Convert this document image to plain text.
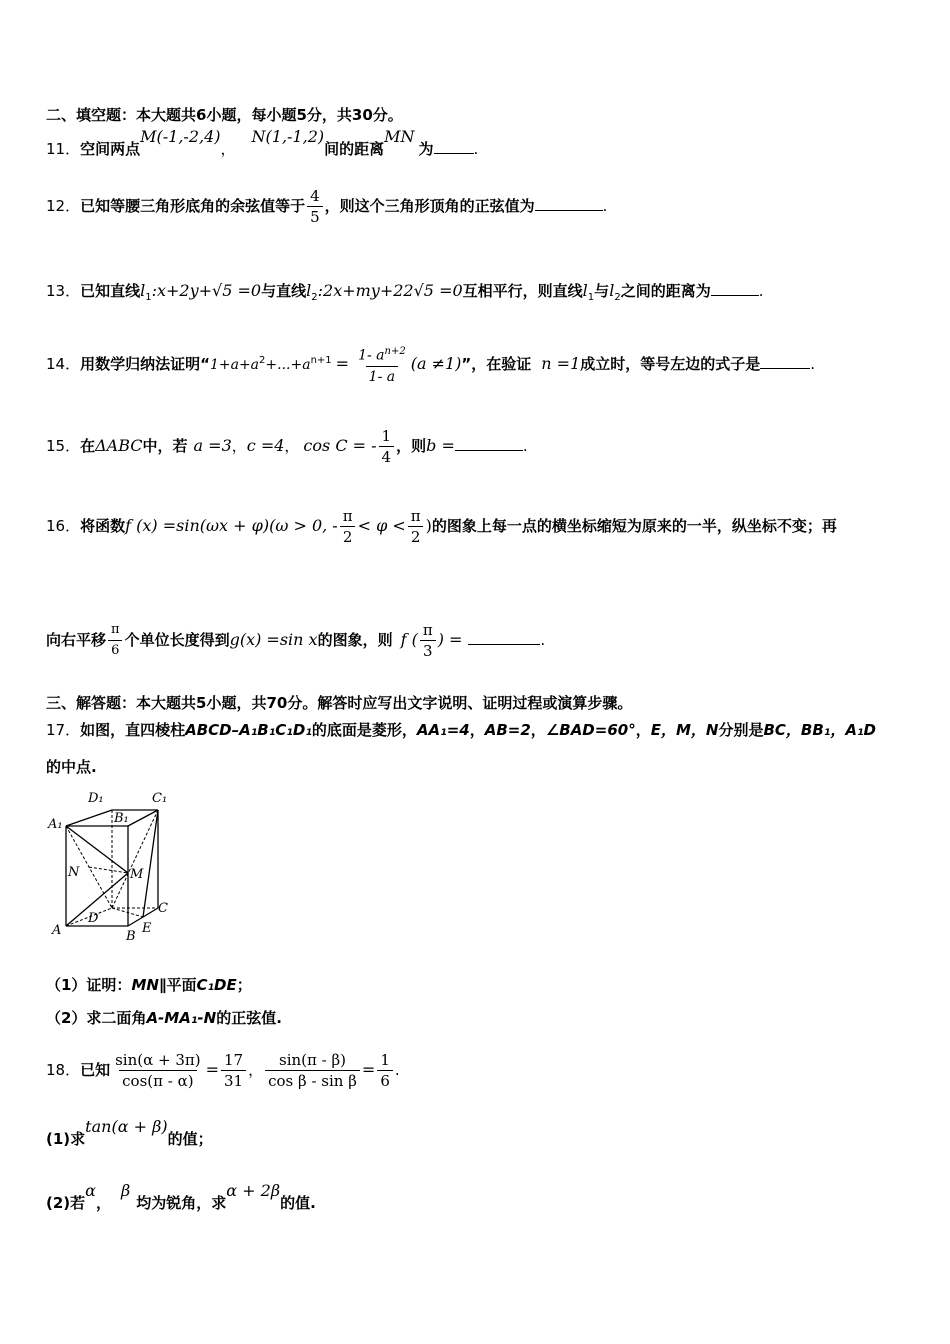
二、填空题：本大题共6小题，每小题5分，共30分。
11．空间两点M(-1,-2,4)，N(1,-1,2)间的距离MN为	.
12．已知等腰三角形底角的余弦值等于 $\frac{4}{5}$ ，则这个三角形顶角的正弦值为	.
13．已知直线$l_1:x+2y+√5 =0$与直线$l_2:2x+my+22√5 =0$互相平行，则直线$l_1$与$l_2$之间的距离为	.
14．用数学归纳法证明“$1+a+a^2+...+a^{n+1} = \frac{1- a^{n+2}}{1- a} (a \ne 1)$”，在验证 n =1成立时，等号左边的式子是	.
15．在ΔABC中，若 a =3，c =4， cos C = - $\frac{1}{4}$ ，则b =	.
16．将函数f (x) =sin(ωx + φ)(ω > 0, - $\frac{\pi}{2} < \varphi < \frac{\pi}{2}$ )的图象上每一点的横坐标缩短为原来的一半，纵坐标不变；再
向右平移 $\frac{\pi}{6}$ 个单位长度得到g(x) =sin x的图象，则 f ( $\frac{\pi}{3}$ ) =	.
三、解答题：本大题共5小题，共70分。解答时应写出文字说明、证明过程或演算步骤。
17．如图，直四棱柱ABCD–A₁B₁C₁D₁的底面是菱形，AA₁=4，AB=2，∠BAD=60°，E，M，N分别是BC，BB₁，A₁D
的中点.
D₁	C₁
A₁	B₁
N	M
D
C
A	B
E
（1）证明：MN∥平面C₁DE；
（2）求二面角A-MA₁-N的正弦值.
18．已知 $\frac{\sin(\alpha + 3\pi)}{\cos(\pi - \alpha)} = \frac{17}{31}$ ， $\frac{\sin(\pi - \beta)}{\text{cos β - sin β}} = \frac{1}{6}$ .
(1)求tan(α + β)的值；
(2)若α，β均为锐角，求α + 2β的值.
